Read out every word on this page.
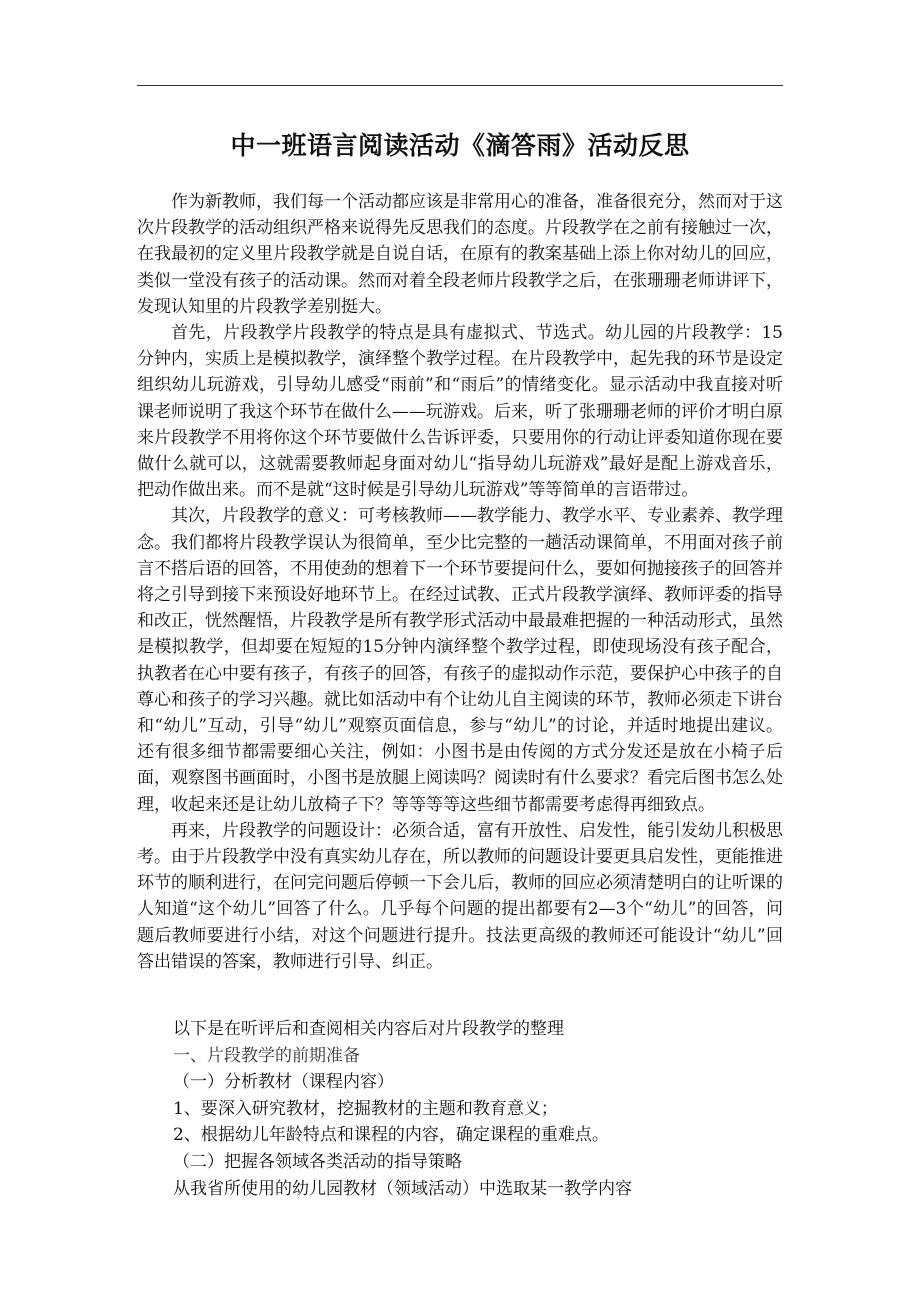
中一班语言阅读活动《滴答雨》活动反思

作为新教师，我们每一个活动都应该是非常用心的准备，准备很充分，然而对于这次片段教学的活动组织严格来说得先反思我们的态度。片段教学在之前有接触过一次，在我最初的定义里片段教学就是自说自话，在原有的教案基础上添上你对幼儿的回应，类似一堂没有孩子的活动课。然而对着全段老师片段教学之后，在张珊珊老师讲评下，发现认知里的片段教学差别挺大。

首先，片段教学片段教学的特点是具有虚拟式、节选式。幼儿园的片段教学：15分钟内，实质上是模拟教学，演绎整个教学过程。在片段教学中，起先我的环节是设定组织幼儿玩游戏，引导幼儿感受“雨前”和“雨后”的情绪变化。显示活动中我直接对听课老师说明了我这个环节在做什么——玩游戏。后来，听了张珊珊老师的评价才明白原来片段教学不用将你这个环节要做什么告诉评委，只要用你的行动让评委知道你现在要做什么就可以，这就需要教师起身面对幼儿“指导幼儿玩游戏”最好是配上游戏音乐，把动作做出来。而不是就“这时候是引导幼儿玩游戏”等等简单的言语带过。

其次，片段教学的意义：可考核教师——教学能力、教学水平、专业素养、教学理念。我们都将片段教学误认为很简单，至少比完整的一趟活动课简单，不用面对孩子前言不搭后语的回答，不用使劲的想着下一个环节要提问什么，要如何抛接孩子的回答并将之引导到接下来预设好地环节上。在经过试教、正式片段教学演绎、教师评委的指导和改正，恍然醒悟，片段教学是所有教学形式活动中最最难把握的一种活动形式，虽然是模拟教学，但却要在短短的15分钟内演绎整个教学过程，即使现场没有孩子配合，执教者在心中要有孩子，有孩子的回答，有孩子的虚拟动作示范，要保护心中孩子的自尊心和孩子的学习兴趣。就比如活动中有个让幼儿自主阅读的环节，教师必须走下讲台和“幼儿”互动，引导“幼儿”观察页面信息，参与“幼儿”的讨论，并适时地提出建议。还有很多细节都需要细心关注，例如：小图书是由传阅的方式分发还是放在小椅子后面，观察图书画面时，小图书是放腿上阅读吗？阅读时有什么要求？看完后图书怎么处理，收起来还是让幼儿放椅子下？等等等等这些细节都需要考虑得再细致点。

再来，片段教学的问题设计：必须合适，富有开放性、启发性，能引发幼儿积极思考。由于片段教学中没有真实幼儿存在，所以教师的问题设计要更具启发性，更能推进环节的顺利进行，在问完问题后停顿一下会儿后，教师的回应必须清楚明白的让听课的人知道“这个幼儿”回答了什么。几乎每个问题的提出都要有2—3个“幼儿”的回答，问题后教师要进行小结，对这个问题进行提升。技法更高级的教师还可能设计“幼儿”回答出错误的答案，教师进行引导、纠正。

以下是在听评后和查阅相关内容后对片段教学的整理

一、片段教学的前期准备

（一）分析教材（课程内容）

1、要深入研究教材，挖掘教材的主题和教育意义；

2、根据幼儿年龄特点和课程的内容，确定课程的重难点。

（二）把握各领域各类活动的指导策略

从我省所使用的幼儿园教材（领域活动）中选取某一教学内容
